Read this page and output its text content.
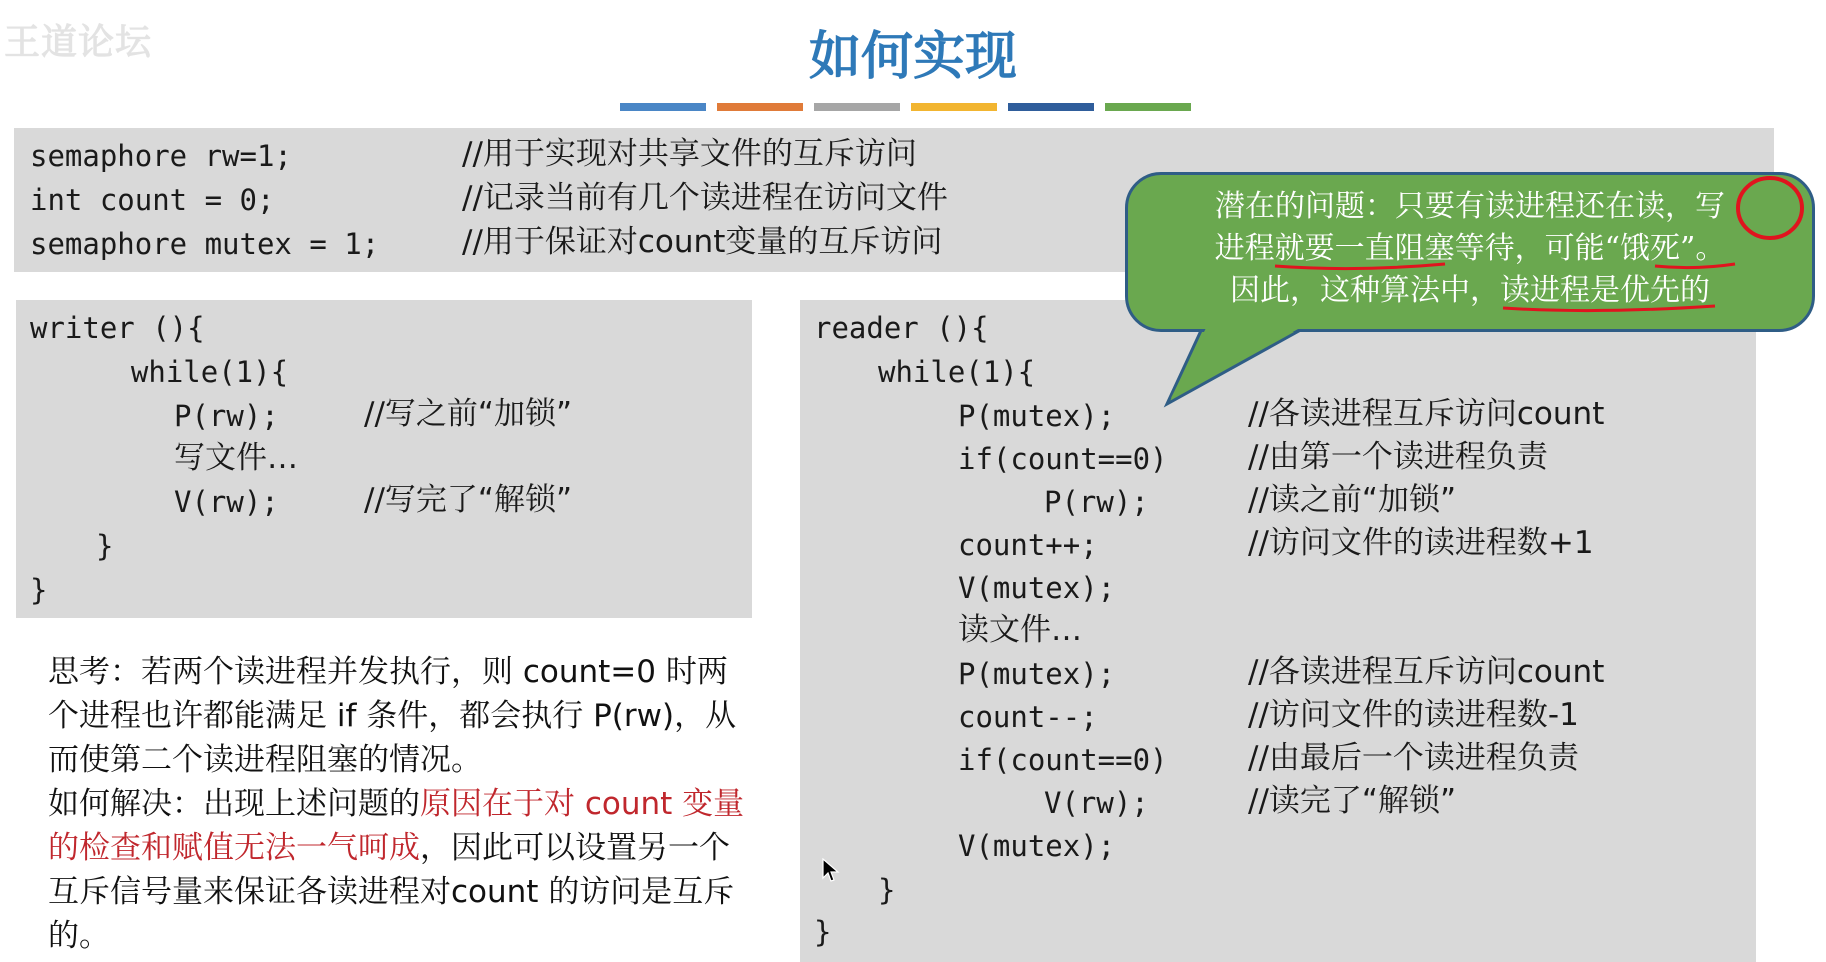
王道论坛	如何实现
semaphore rw=1;	//用于实现对共享文件的互斥访问
int count = 0;	//记录当前有几个读进程在访问文件
semaphore mutex = 1;	//用于保证对count变量的互斥访问
writer (){
while(1){
P(rw);	//写之前“加锁”
写文件…
V(rw);	//写完了“解锁”
}
}
reader (){
while(1){
P(mutex);	//各读进程互斥访问count
if(count==0)	//由第一个读进程负责
P(rw);	//读之前“加锁”
count++;	//访问文件的读进程数+1
V(mutex);
读文件…
P(mutex);	//各读进程互斥访问count
count--;	//访问文件的读进程数-1
if(count==0)	//由最后一个读进程负责
V(rw);	//读完了“解锁”
V(mutex);
}
}
思考：若两个读进程并发执行，则 count=0 时两个进程也许都能满足 if 条件，都会执行 P(rw)，从而使第二个读进程阻塞的情况。
如何解决：出现上述问题的原因在于对 count 变量的检查和赋值无法一气呵成，因此可以设置另一个互斥信号量来保证各读进程对count 的访问是互斥的。
潜在的问题：只要有读进程还在读，写
进程就要一直阻塞等待，可能“饿死”。
因此，这种算法中，读进程是优先的
